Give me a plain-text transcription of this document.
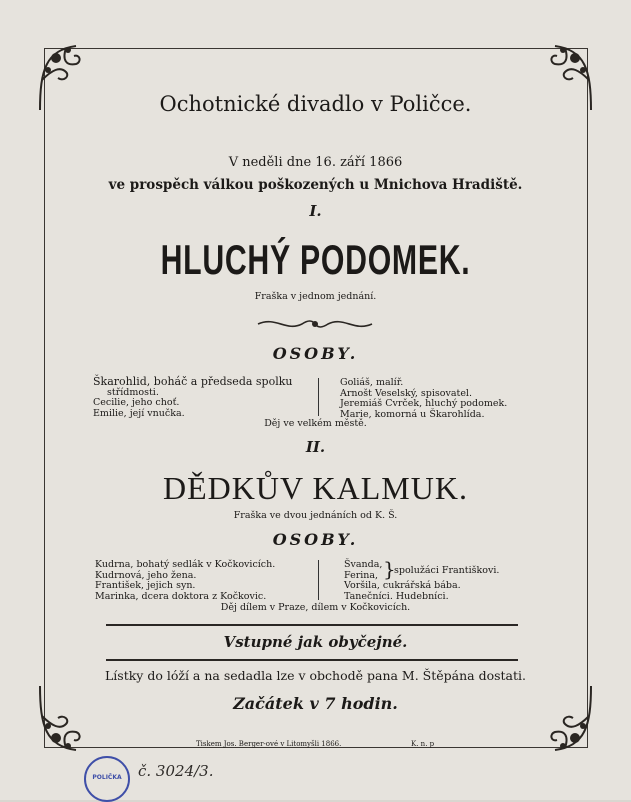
Ochotnické divadlo v Poličce.
V neděli dne 16. září 1866
ve prospěch válkou poškozených u Mnichova Hradiště.
I.
HLUCHÝ PODOMEK.
Fraška v jednom jednání.
OSOBY.
Škarohlid, boháč a předseda spolku
střídmosti.
Cecilie, jeho choť.
Emilie, její vnučka.
Goliáš, malíř.
Arnošt Veselský, spisovatel.
Jeremiáš Cvrček, hluchý podomek.
Marie, komorná u Škarohlída.
Děj ve velkém městě.
II.
DĚDKŮV KALMUK.
Fraška ve dvou jednáních od K. Š.
OSOBY.
Kudrna, bohatý sedlák v Kočkovicích.
Kudrnová, jeho žena.
František, jejich syn.
Marinka, dcera doktora z Kočkovic.
Švanda,
Ferina,
Voršila, cukrářská bába.
Tanečníci. Hudebníci.
}
spolužáci Františkovi.
Děj dílem v Praze, dílem v Kočkovicích.
Vstupné jak obyčejné.
Lístky do lóží a na sedadla lze v obchodě pana M. Štěpána dostati.
Začátek v 7 hodin.
Tiskem Jos. Berger-ové v Litomyšli 1866.	K. n. p
POLIČKA č. 3024/3.
